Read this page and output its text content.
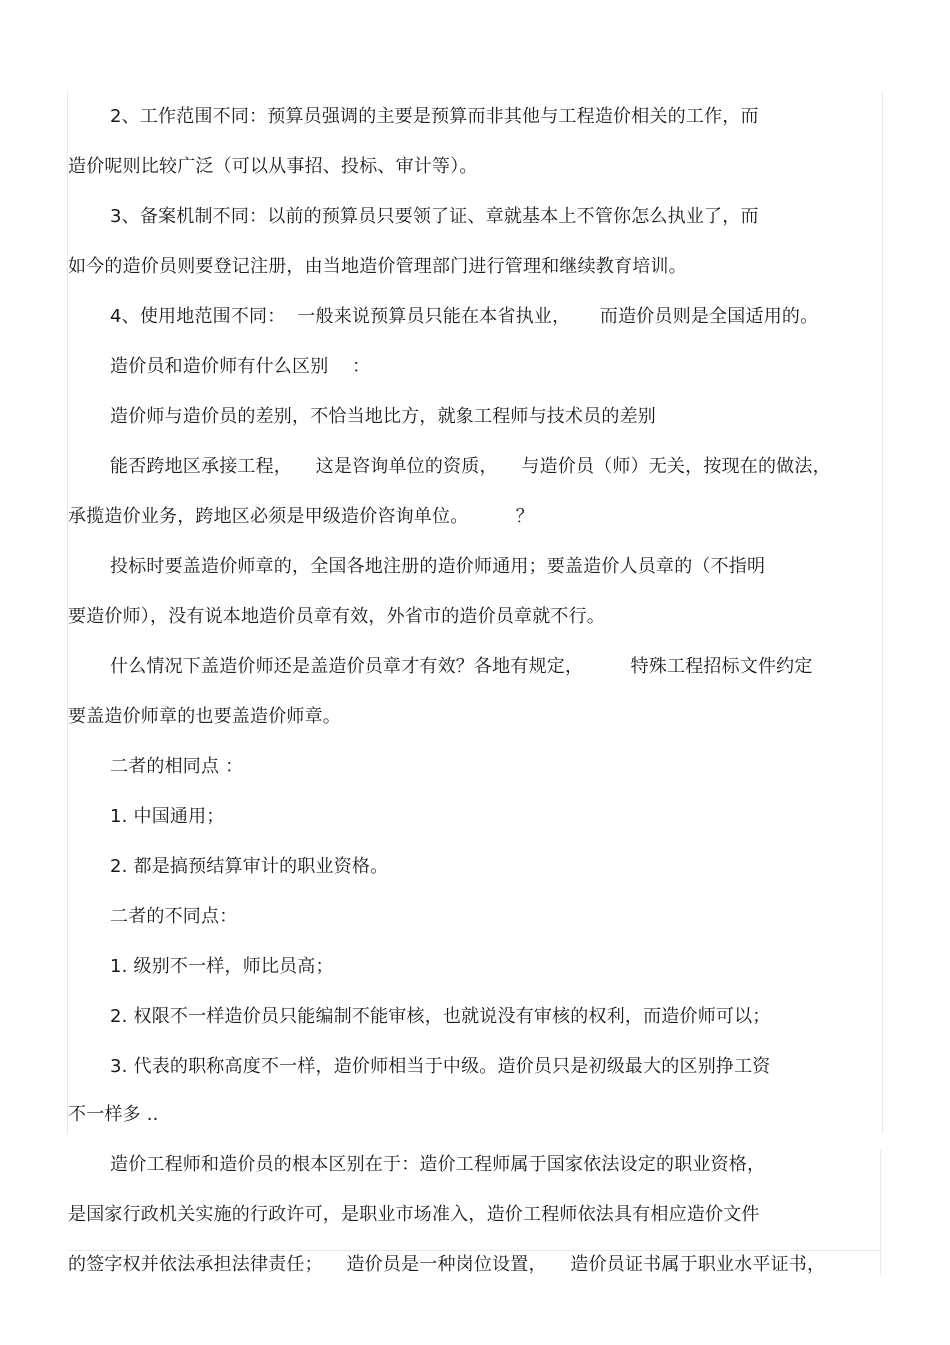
2、工作范围不同：预算员强调的主要是预算而非其他与工程造价相关的工作，而
造价呢则比较广泛（可以从事招、投标、审计等）。
3、备案机制不同：以前的预算员只要领了证、章就基本上不管你怎么执业了，而
如今的造价员则要登记注册，由当地造价管理部门进行管理和继续教育培训。
4、使用地范围不同：  一般来说预算员只能在本省执业，     而造价员则是全国适用的。
造价员和造价师有什么区别    ：
造价师与造价员的差别，不恰当地比方，就象工程师与技术员的差别
能否跨地区承接工程，    这是咨询单位的资质，    与造价员（师）无关，按现在的做法，
承揽造价业务，跨地区必须是甲级造价咨询单位。        ？
投标时要盖造价师章的，全国各地注册的造价师通用；要盖造价人员章的（不指明
要造价师），没有说本地造价员章有效，外省市的造价员章就不行。
什么情况下盖造价师还是盖造价员章才有效？各地有规定，        特殊工程招标文件约定
要盖造价师章的也要盖造价师章。
二者的相同点 ：
1. 中国通用；
2. 都是搞预结算审计的职业资格。
二者的不同点：
1. 级别不一样，师比员高；
2. 权限不一样造价员只能编制不能审核，也就说没有审核的权利，而造价师可以；
3. 代表的职称高度不一样，造价师相当于中级。造价员只是初级最大的区别挣工资
不一样多 ..
造价工程师和造价员的根本区别在于：造价工程师属于国家依法设定的职业资格，
是国家行政机关实施的行政许可，是职业市场准入，造价工程师依法具有相应造价文件
的签字权并依法承担法律责任；    造价员是一种岗位设置，    造价员证书属于职业水平证书，
